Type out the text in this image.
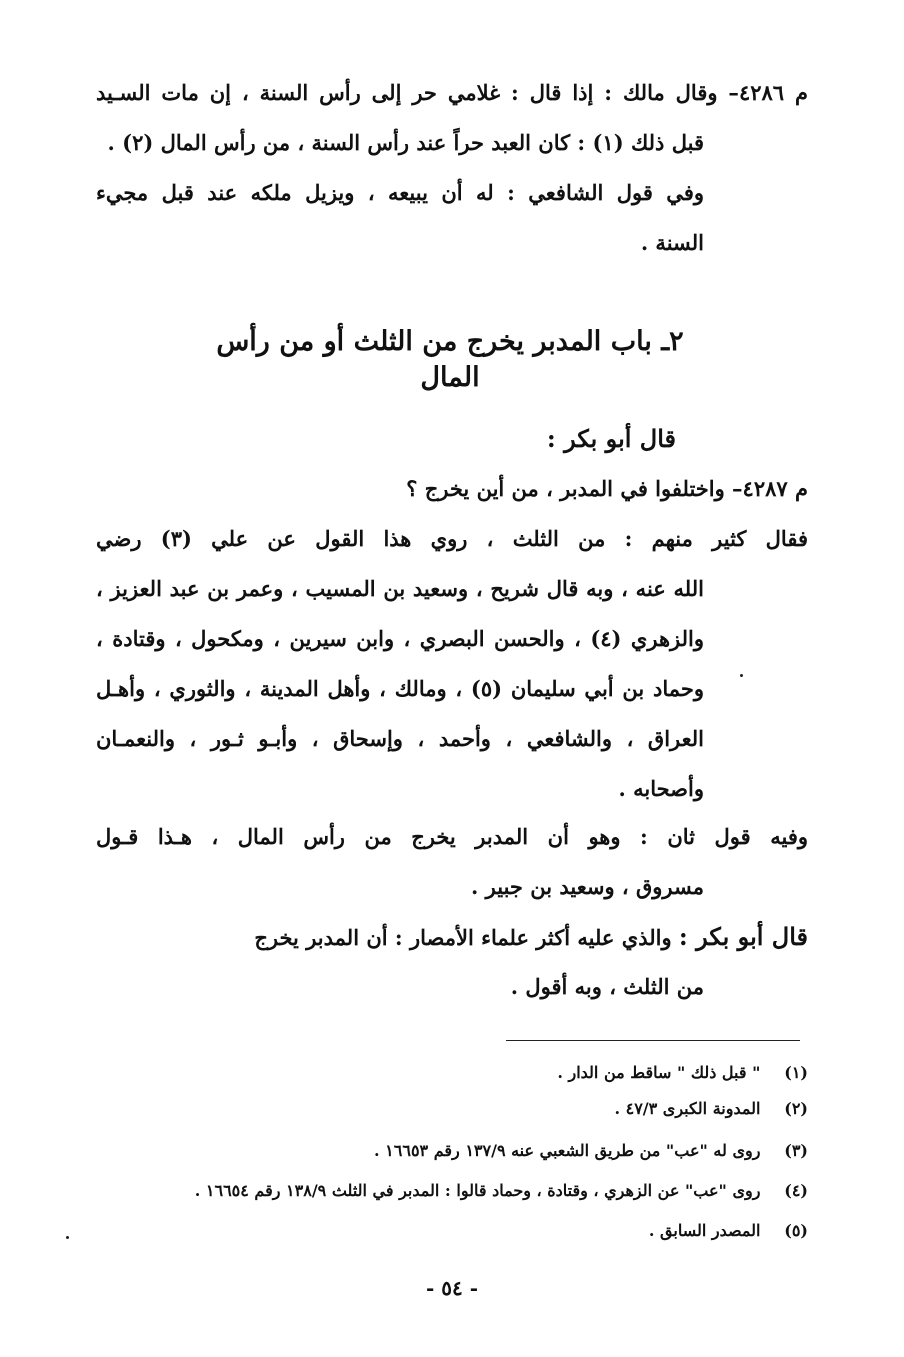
م ٤٢٨٦– وقال مالك : إذا قال : غلامي حر إلى رأس السنة ، إن مات السـيد
قبل ذلك (١) : كان العبد حراً عند رأس السنة ، من رأس المال (٢) .
وفي قول الشافعي : له أن يبيعه ، ويزيل ملكه عند قبل مجيء
السنة .
٢ـ باب المدبر يخرج من الثلث أو من رأس المال
قال أبو بكر :
م ٤٢٨٧– واختلفوا في المدبر ، من أين يخرج ؟
فقال كثير منهم : من الثلث ، روي هذا القول عن علي (٣) رضي
الله عنه ، وبه قال شريح ، وسعيد بن المسيب ، وعمر بن عبد العزيز ،
والزهري (٤) ، والحسن البصري ، وابن سيرين ، ومكحول ، وقتادة ،
وحماد بن أبي سليمان (٥) ، ومالك ، وأهل المدينة ، والثوري ، وأهـل
العراق ، والشافعي ، وأحمد ، وإسحاق ، وأبـو ثـور ، والنعمـان
وأصحابه .
وفيه قول ثان : وهو أن المدبر يخرج من رأس المال ، هـذا قـول
مسروق ، وسعيد بن جبير .
قال أبو بكر : والذي عليه أكثر علماء الأمصار : أن المدبر يخرج
من الثلث ، وبه أقول .
(١) " قبل ذلك " ساقط من الدار .
(٢) المدونة الكبرى ٤٧/٣ .
(٣) روى له "عب" من طريق الشعبي عنه ١٣٧/٩ رقم ١٦٦٥٣ .
(٤) روى "عب" عن الزهري ، وقتادة ، وحماد قالوا : المدبر في الثلث ١٣٨/٩ رقم ١٦٦٥٤ .
(٥) المصدر السابق .
- ٥٤ -
